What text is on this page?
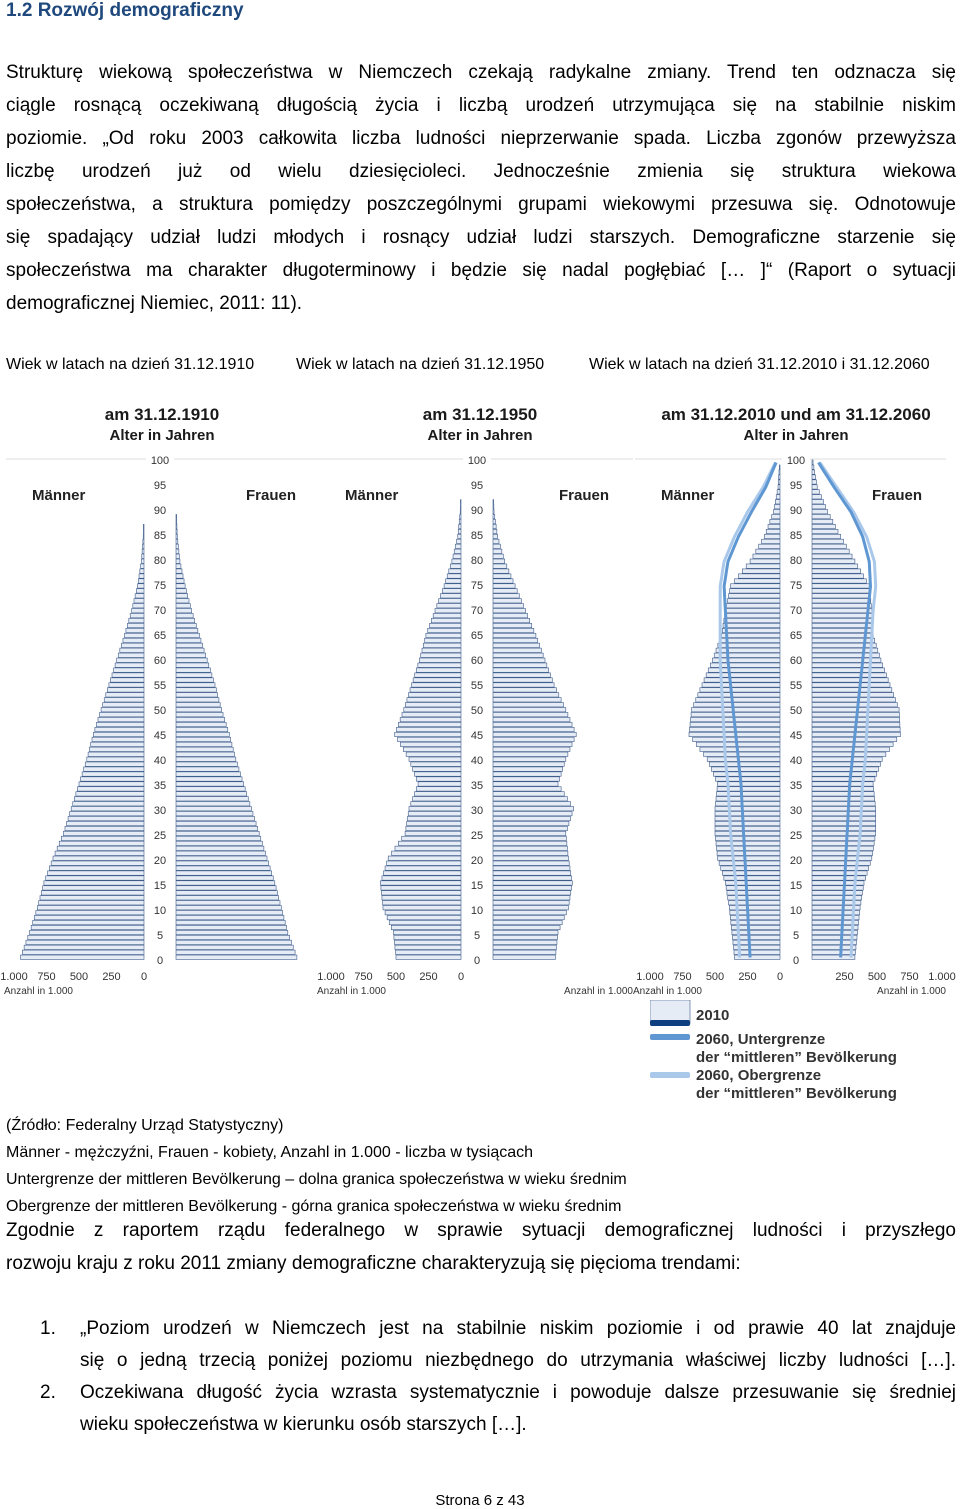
1.2 Rozwój demograficzny
Strukturę wiekową społeczeństwa w Niemczech czekają radykalne zmiany. Trend ten odznacza się
ciągle rosnącą oczekiwaną długością życia i liczbą urodzeń utrzymująca się na stabilnie niskim
poziomie. „Od roku 2003 całkowita liczba ludności nieprzerwanie spada. Liczba zgonów przewyższa
liczbę urodzeń już od wielu dziesięcioleci. Jednocześnie zmienia się struktura wiekowa
społeczeństwa, a struktura pomiędzy poszczególnymi grupami wiekowymi przesuwa się. Odnotowuje
się spadający udział ludzi młodych i rosnący udział ludzi starszych. Demograficzne starzenie się
społeczeństwa ma charakter długoterminowy i będzie się nadal pogłębiać [… ]“ (Raport o sytuacji
demograficznej Niemiec, 2011: 11).
Wiek w latach na dzień 31.12.1910	Wiek w latach na dzień 31.12.1950	Wiek w latach na dzień 31.12.2010 i 31.12.2060
am 31.12.1910
Alter in Jahren
Männer	Frauen
0
5
10
15
20
25
30
35
40
45
50
55
60
65
70
75
80
85
90
95
100
1.000 750 500 250 0
Anzahl in 1.000
am 31.12.1950
Alter in Jahren
Männer	Frauen
0
5
10
15
20
25
30
35
40
45
50
55
60
65
70
75
80
85
90
95
100
1.000 750 500 250 0
Anzahl in 1.000	Anzahl in 1.000
am 31.12.2010 und am 31.12.2060
Alter in Jahren
Männer	Frauen
0
5
10
15
20
25
30
35
40
45
50
55
60
65
70
75
80
85
90
95
100
1.000 750 500 250 0	250 500 750 1.000
Anzahl in 1.000	Anzahl in 1.000
2010
2060, Untergrenze
der “mittleren” Bevölkerung
2060, Obergrenze
der “mittleren” Bevölkerung
(Źródło: Federalny Urząd Statystyczny)
Männer - mężczyźni, Frauen - kobiety, Anzahl in 1.000 - liczba w tysiącach
Untergrenze der mittleren Bevölkerung – dolna granica społeczeństwa w wieku średnim
Obergrenze der mittleren Bevölkerung - górna granica społeczeństwa w wieku średnim
Zgodnie z raportem rządu federalnego w sprawie sytuacji demograficznej ludności i przyszłego
rozwoju kraju z roku 2011 zmiany demograficzne charakteryzują się pięcioma trendami:
1. „Poziom urodzeń w Niemczech jest na stabilnie niskim poziomie i od prawie 40 lat znajduje
się o jedną trzecią poniżej poziomu niezbędnego do utrzymania właściwej liczby ludności […].
2. Oczekiwana długość życia wzrasta systematycznie i powoduje dalsze przesuwanie się średniej
wieku społeczeństwa w kierunku osób starszych […].
Strona 6 z 43
